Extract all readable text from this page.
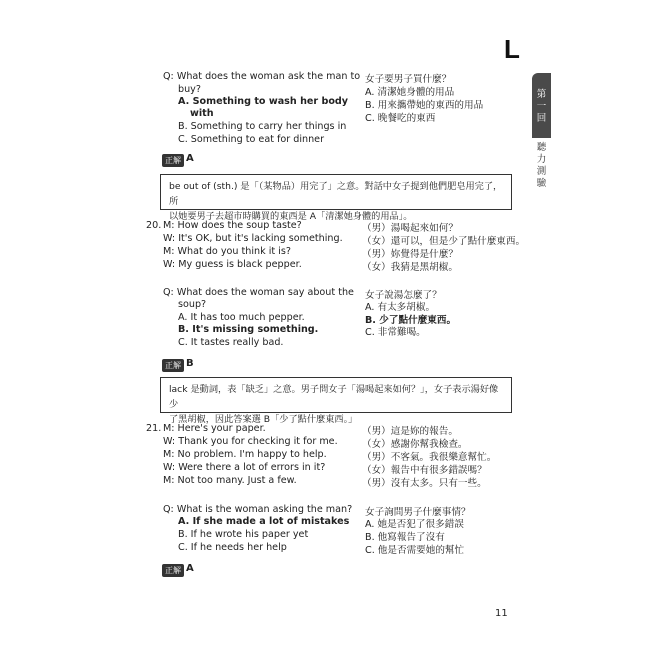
L
第
一
回
聽
力
測
驗
Q: What does the woman ask the man to
buy?
A. Something to wash her body
with
B. Something to carry her things in
C. Something to eat for dinner
女子要男子買什麼？
A. 清潔她身體的用品
B. 用來攜帶她的東西的用品
C. 晚餐吃的東西
正解 A
be out of (sth.) 是「（某物品）用完了」之意。對話中女子提到他們肥皂用完了，所
以她要男子去超市時購買的東西是 A「清潔她身體的用品」。
20. M: How does the soup taste?
W: It's OK, but it's lacking something.
M: What do you think it is?
W: My guess is black pepper.
（男）湯喝起來如何？
（女）還可以，但是少了點什麼東西。
（男）妳覺得是什麼？
（女）我猜是黑胡椒。
Q: What does the woman say about the
soup?
A. It has too much pepper.
B. It's missing something.
C. It tastes really bad.
女子說湯怎麼了？
A. 有太多胡椒。
B. 少了點什麼東西。
C. 非常難喝。
正解 B
lack 是動詞，表「缺乏」之意。男子問女子「湯喝起來如何？」，女子表示湯好像少
了黑胡椒，因此答案選 B「少了點什麼東西。」
21. M: Here's your paper.
W: Thank you for checking it for me.
M: No problem. I'm happy to help.
W: Were there a lot of errors in it?
M: Not too many. Just a few.
（男）這是妳的報告。
（女）感謝你幫我檢查。
（男）不客氣。我很樂意幫忙。
（女）報告中有很多錯誤嗎？
（男）沒有太多。只有一些。
Q: What is the woman asking the man?
A. If she made a lot of mistakes
B. If he wrote his paper yet
C. If he needs her help
女子詢問男子什麼事情？
A. 她是否犯了很多錯誤
B. 他寫報告了沒有
C. 他是否需要她的幫忙
正解 A
11
